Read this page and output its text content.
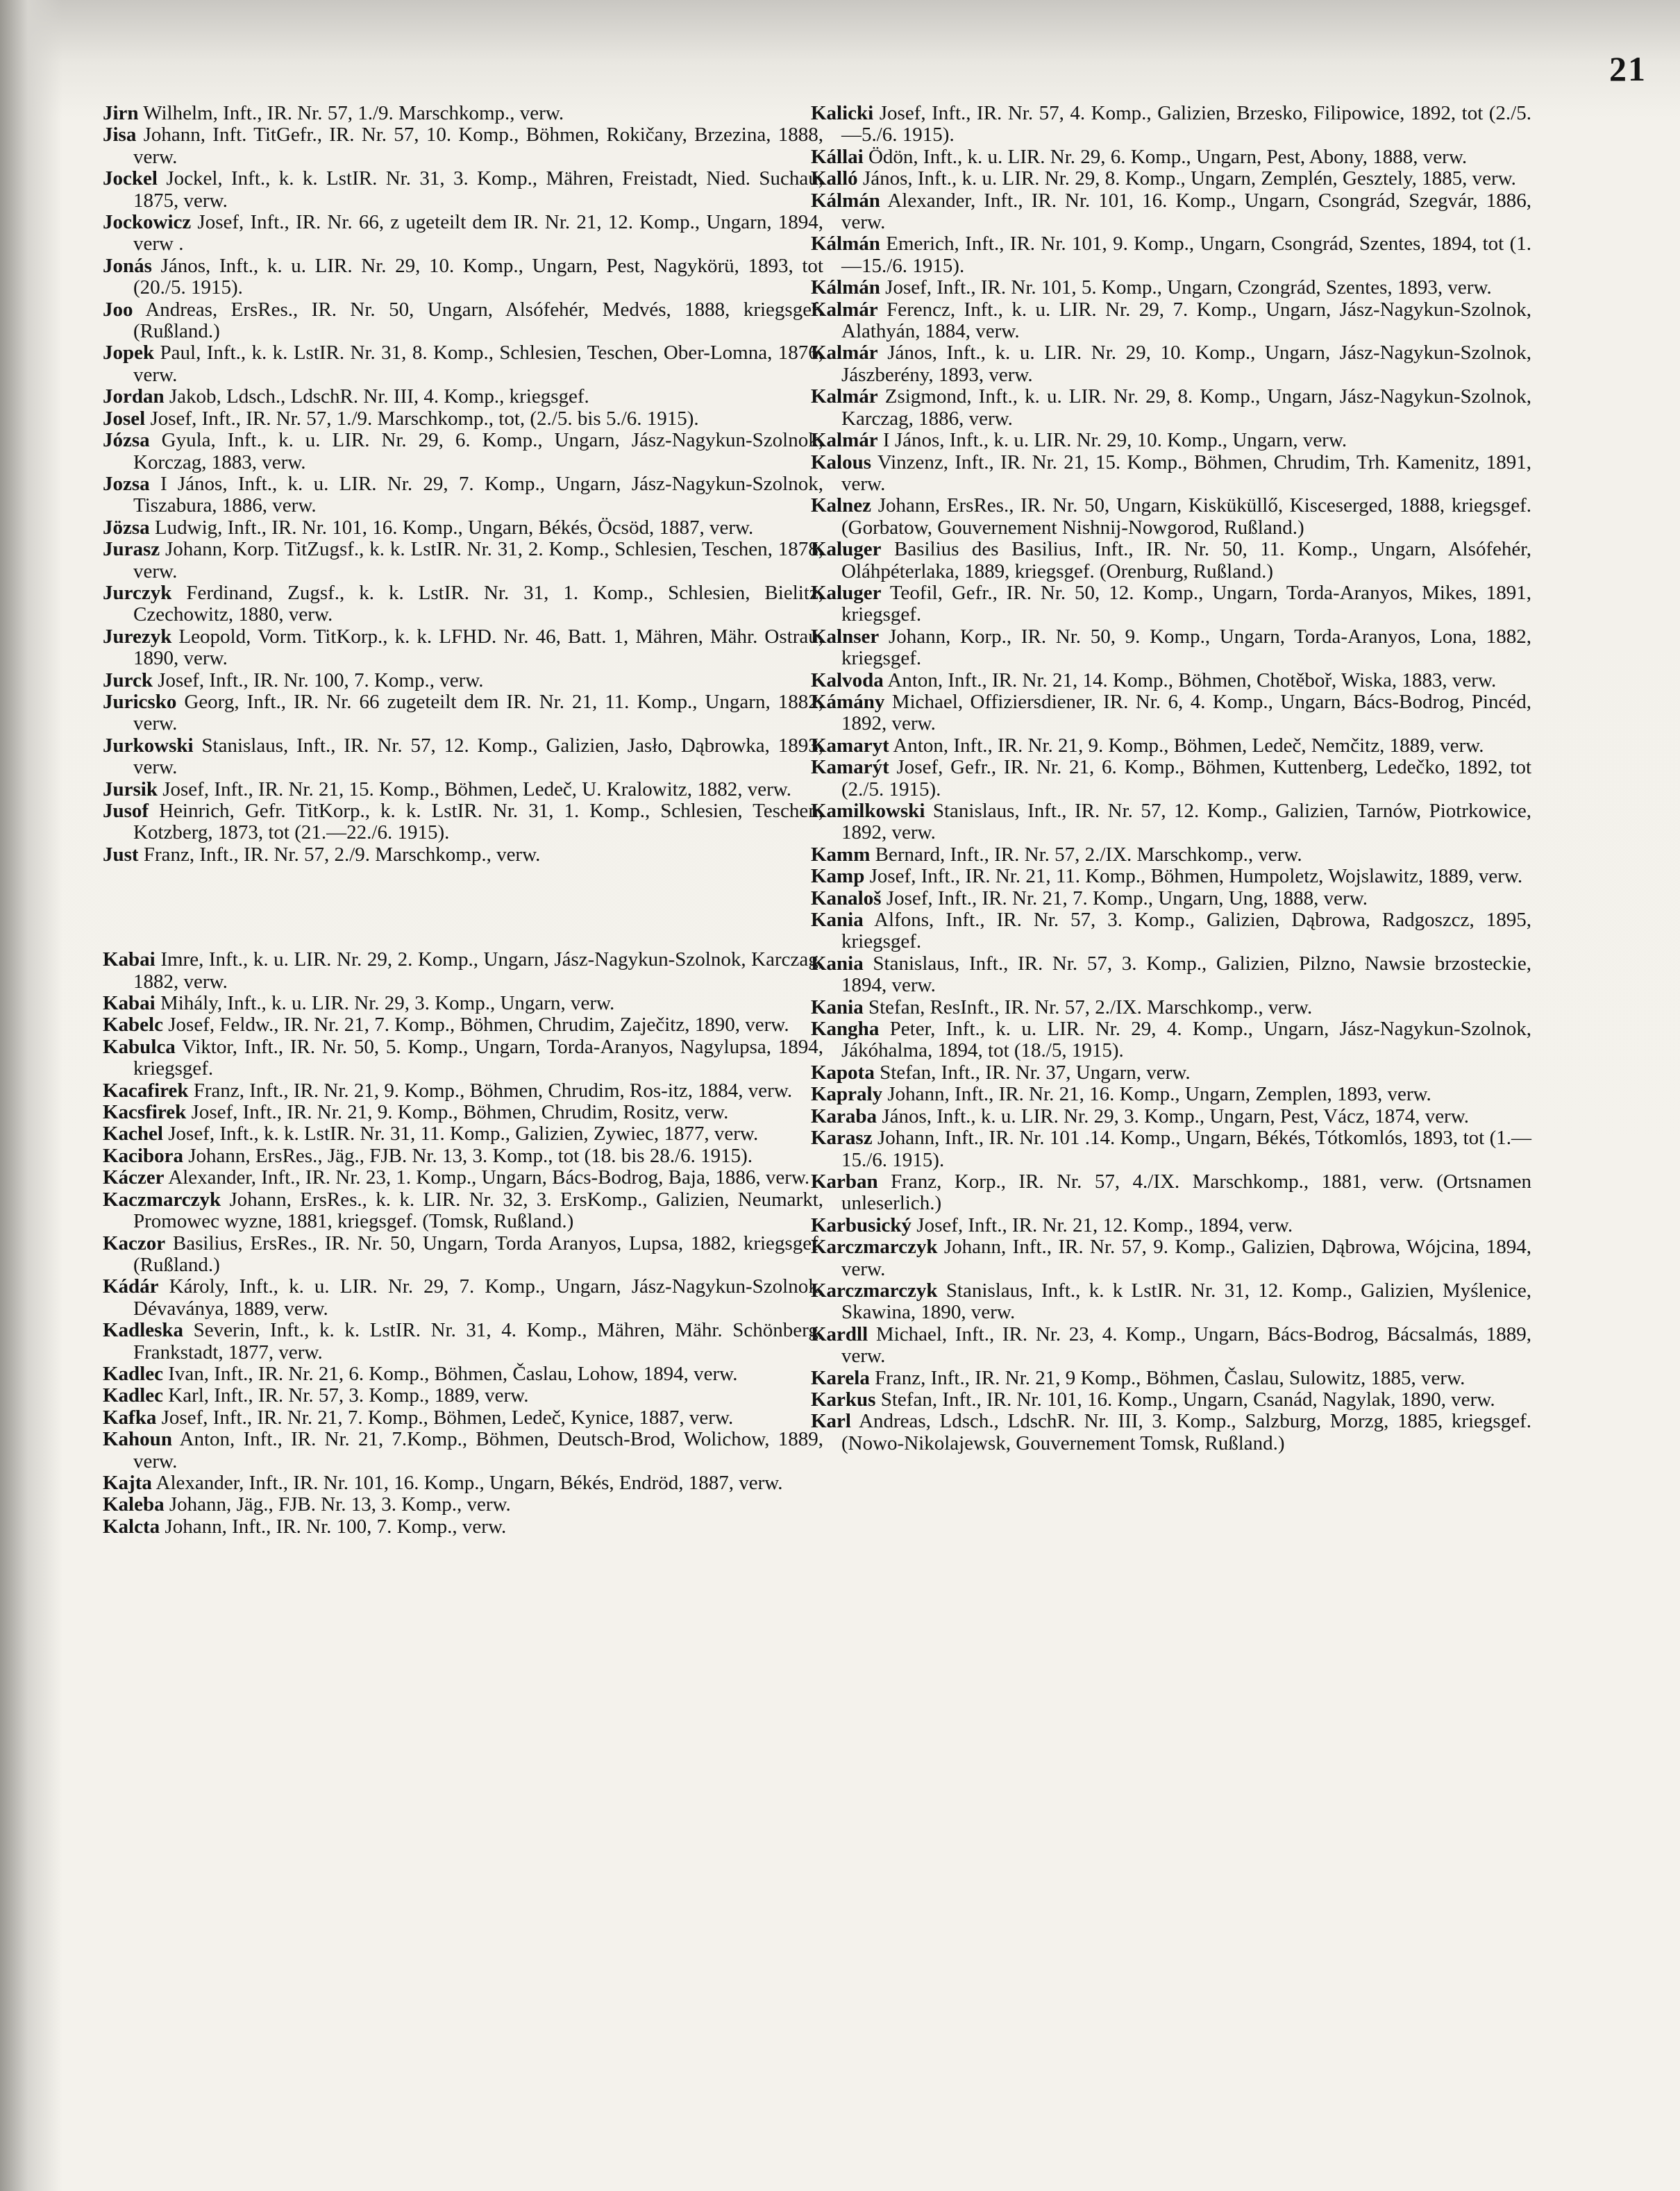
21
Jirn Wilhelm, Inft., IR. Nr. 57, 1./9. Marschkomp., verw.
Jisa Johann, Inft. TitGefr., IR. Nr. 57, 10. Komp., Böhmen, Rokičany, Brzezina, 1888, verw.
Jockel Jockel, Inft., k. k. LstIR. Nr. 31, 3. Komp., Mähren, Freistadt, Nied. Suchau, 1875, verw.
Jockowicz Josef, Inft., IR. Nr. 66, z ugeteilt dem IR. Nr. 21, 12. Komp., Ungarn, 1894, verw .
Jonás János, Inft., k. u. LIR. Nr. 29, 10. Komp., Ungarn, Pest, Nagykörü, 1893, tot (20./5. 1915).
Joo Andreas, ErsRes., IR. Nr. 50, Ungarn, Alsófehér, Medvés, 1888, kriegsgef. (Rußland.)
Jopek Paul, Inft., k. k. LstIR. Nr. 31, 8. Komp., Schlesien, Teschen, Ober-Lomna, 1876, verw.
Jordan Jakob, Ldsch., LdschR. Nr. III, 4. Komp., kriegsgef.
Josel Josef, Inft., IR. Nr. 57, 1./9. Marschkomp., tot, (2./5. bis 5./6. 1915).
Józsa Gyula, Inft., k. u. LIR. Nr. 29, 6. Komp., Ungarn, Jász-Nagykun-Szolnok, Korczag, 1883, verw.
Jozsa I János, Inft., k. u. LIR. Nr. 29, 7. Komp., Ungarn, Jász-Nagykun-Szolnok, Tiszabura, 1886, verw.
Jözsa Ludwig, Inft., IR. Nr. 101, 16. Komp., Ungarn, Békés, Öcsöd, 1887, verw.
Jurasz Johann, Korp. TitZugsf., k. k. LstIR. Nr. 31, 2. Komp., Schlesien, Teschen, 1878, verw.
Jurczyk Ferdinand, Zugsf., k. k. LstIR. Nr. 31, 1. Komp., Schlesien, Bielitz, Czechowitz, 1880, verw.
Jurezyk Leopold, Vorm. TitKorp., k. k. LFHD. Nr. 46, Batt. 1, Mähren, Mähr. Ostrau, 1890, verw.
Jurck Josef, Inft., IR. Nr. 100, 7. Komp., verw.
Juricsko Georg, Inft., IR. Nr. 66 zugeteilt dem IR. Nr. 21, 11. Komp., Ungarn, 1882, verw.
Jurkowski Stanislaus, Inft., IR. Nr. 57, 12. Komp., Galizien, Jasło, Dąbrowka, 1893, verw.
Jursik Josef, Inft., IR. Nr. 21, 15. Komp., Böhmen, Ledeč, U. Kralowitz, 1882, verw.
Jusof Heinrich, Gefr. TitKorp., k. k. LstIR. Nr. 31, 1. Komp., Schlesien, Teschen, Kotzberg, 1873, tot (21.—22./6. 1915).
Just Franz, Inft., IR. Nr. 57, 2./9. Marschkomp., verw.
Kabai Imre, Inft., k. u. LIR. Nr. 29, 2. Komp., Ungarn, Jász-Nagykun-Szolnok, Karczag, 1882, verw.
Kabai Mihály, Inft., k. u. LIR. Nr. 29, 3. Komp., Ungarn, verw.
Kabelc Josef, Feldw., IR. Nr. 21, 7. Komp., Böhmen, Chrudim, Zaječitz, 1890, verw.
Kabulca Viktor, Inft., IR. Nr. 50, 5. Komp., Ungarn, Torda-Aranyos, Nagylupsa, 1894, kriegsgef.
Kacafirek Franz, Inft., IR. Nr. 21, 9. Komp., Böhmen, Chrudim, Ros-itz, 1884, verw.
Kacsfirek Josef, Inft., IR. Nr. 21, 9. Komp., Böhmen, Chrudim, Rositz, verw.
Kachel Josef, Inft., k. k. LstIR. Nr. 31, 11. Komp., Galizien, Zywiec, 1877, verw.
Kacibora Johann, ErsRes., Jäg., FJB. Nr. 13, 3. Komp., tot (18. bis 28./6. 1915).
Káczer Alexander, Inft., IR. Nr. 23, 1. Komp., Ungarn, Bács-Bodrog, Baja, 1886, verw.
Kaczmarczyk Johann, ErsRes., k. k. LIR. Nr. 32, 3. ErsKomp., Galizien, Neumarkt, Promowec wyzne, 1881, kriegsgef. (Tomsk, Rußland.)
Kaczor Basilius, ErsRes., IR. Nr. 50, Ungarn, Torda Aranyos, Lupsa, 1882, kriegsgef. (Rußland.)
Kádár Károly, Inft., k. u. LIR. Nr. 29, 7. Komp., Ungarn, Jász-Nagykun-Szolnok, Dévaványa, 1889, verw.
Kadleska Severin, Inft., k. k. LstIR. Nr. 31, 4. Komp., Mähren, Mähr. Schönberg, Frankstadt, 1877, verw.
Kadlec Ivan, Inft., IR. Nr. 21, 6. Komp., Böhmen, Časlau, Lohow, 1894, verw.
Kadlec Karl, Inft., IR. Nr. 57, 3. Komp., 1889, verw.
Kafka Josef, Inft., IR. Nr. 21, 7. Komp., Böhmen, Ledeč, Kynice, 1887, verw.
Kahoun Anton, Inft., IR. Nr. 21, 7.Komp., Böhmen, Deutsch-Brod, Wolichow, 1889, verw.
Kajta Alexander, Inft., IR. Nr. 101, 16. Komp., Ungarn, Békés, Endröd, 1887, verw.
Kaleba Johann, Jäg., FJB. Nr. 13, 3. Komp., verw.
Kalcta Johann, Inft., IR. Nr. 100, 7. Komp., verw.
Kalicki Josef, Inft., IR. Nr. 57, 4. Komp., Galizien, Brzesko, Filipowice, 1892, tot (2./5.—5./6. 1915).
Kállai Ödön, Inft., k. u. LIR. Nr. 29, 6. Komp., Ungarn, Pest, Abony, 1888, verw.
Kalló János, Inft., k. u. LIR. Nr. 29, 8. Komp., Ungarn, Zemplén, Gesztely, 1885, verw.
Kálmán Alexander, Inft., IR. Nr. 101, 16. Komp., Ungarn, Csongrád, Szegvár, 1886, verw.
Kálmán Emerich, Inft., IR. Nr. 101, 9. Komp., Ungarn, Csongrád, Szentes, 1894, tot (1.—15./6. 1915).
Kálmán Josef, Inft., IR. Nr. 101, 5. Komp., Ungarn, Czongrád, Szentes, 1893, verw.
Kalmár Ferencz, Inft., k. u. LIR. Nr. 29, 7. Komp., Ungarn, Jász-Nagykun-Szolnok, Alathyán, 1884, verw.
Kalmár János, Inft., k. u. LIR. Nr. 29, 10. Komp., Ungarn, Jász-Nagykun-Szolnok, Jászberény, 1893, verw.
Kalmár Zsigmond, Inft., k. u. LIR. Nr. 29, 8. Komp., Ungarn, Jász-Nagykun-Szolnok, Karczag, 1886, verw.
Kalmár I János, Inft., k. u. LIR. Nr. 29, 10. Komp., Ungarn, verw.
Kalous Vinzenz, Inft., IR. Nr. 21, 15. Komp., Böhmen, Chrudim, Trh. Kamenitz, 1891, verw.
Kalnez Johann, ErsRes., IR. Nr. 50, Ungarn, Kisküküllő, Kisceserged, 1888, kriegsgef. (Gorbatow, Gouvernement Nishnij-Nowgorod, Rußland.)
Kaluger Basilius des Basilius, Inft., IR. Nr. 50, 11. Komp., Ungarn, Alsófehér, Oláhpéterlaka, 1889, kriegsgef. (Orenburg, Rußland.)
Kaluger Teofil, Gefr., IR. Nr. 50, 12. Komp., Ungarn, Torda-Aranyos, Mikes, 1891, kriegsgef.
Kalnser Johann, Korp., IR. Nr. 50, 9. Komp., Ungarn, Torda-Aranyos, Lona, 1882, kriegsgef.
Kalvoda Anton, Inft., IR. Nr. 21, 14. Komp., Böhmen, Chotěboř, Wiska, 1883, verw.
Kámány Michael, Offiziersdiener, IR. Nr. 6, 4. Komp., Ungarn, Bács-Bodrog, Pincéd, 1892, verw.
Kamaryt Anton, Inft., IR. Nr. 21, 9. Komp., Böhmen, Ledeč, Nemčitz, 1889, verw.
Kamarýt Josef, Gefr., IR. Nr. 21, 6. Komp., Böhmen, Kuttenberg, Ledečko, 1892, tot (2./5. 1915).
Kamilkowski Stanislaus, Inft., IR. Nr. 57, 12. Komp., Galizien, Tarnów, Piotrkowice, 1892, verw.
Kamm Bernard, Inft., IR. Nr. 57, 2./IX. Marschkomp., verw.
Kamp Josef, Inft., IR. Nr. 21, 11. Komp., Böhmen, Humpoletz, Wojslawitz, 1889, verw.
Kanaloš Josef, Inft., IR. Nr. 21, 7. Komp., Ungarn, Ung, 1888, verw.
Kania Alfons, Inft., IR. Nr. 57, 3. Komp., Galizien, Dąbrowa, Radgoszcz, 1895, kriegsgef.
Kania Stanislaus, Inft., IR. Nr. 57, 3. Komp., Galizien, Pilzno, Nawsie brzosteckie, 1894, verw.
Kania Stefan, ResInft., IR. Nr. 57, 2./IX. Marschkomp., verw.
Kangha Peter, Inft., k. u. LIR. Nr. 29, 4. Komp., Ungarn, Jász-Nagykun-Szolnok, Jákóhalma, 1894, tot (18./5, 1915).
Kapota Stefan, Inft., IR. Nr. 37, Ungarn, verw.
Kapraly Johann, Inft., IR. Nr. 21, 16. Komp., Ungarn, Zemplen, 1893, verw.
Karaba János, Inft., k. u. LIR. Nr. 29, 3. Komp., Ungarn, Pest, Vácz, 1874, verw.
Karasz Johann, Inft., IR. Nr. 101 .14. Komp., Ungarn, Békés, Tótkomlós, 1893, tot (1.—15./6. 1915).
Karban Franz, Korp., IR. Nr. 57, 4./IX. Marschkomp., 1881, verw. (Ortsnamen unleserlich.)
Karbusický Josef, Inft., IR. Nr. 21, 12. Komp., 1894, verw.
Karczmarczyk Johann, Inft., IR. Nr. 57, 9. Komp., Galizien, Dąbrowa, Wójcina, 1894, verw.
Karczmarczyk Stanislaus, Inft., k. k LstIR. Nr. 31, 12. Komp., Galizien, Myślenice, Skawina, 1890, verw.
Kardll Michael, Inft., IR. Nr. 23, 4. Komp., Ungarn, Bács-Bodrog, Bácsalmás, 1889, verw.
Karela Franz, Inft., IR. Nr. 21, 9 Komp., Böhmen, Časlau, Sulowitz, 1885, verw.
Karkus Stefan, Inft., IR. Nr. 101, 16. Komp., Ungarn, Csanád, Nagylak, 1890, verw.
Karl Andreas, Ldsch., LdschR. Nr. III, 3. Komp., Salzburg, Morzg, 1885, kriegsgef. (Nowo-Nikolajewsk, Gouvernement Tomsk, Rußland.)
